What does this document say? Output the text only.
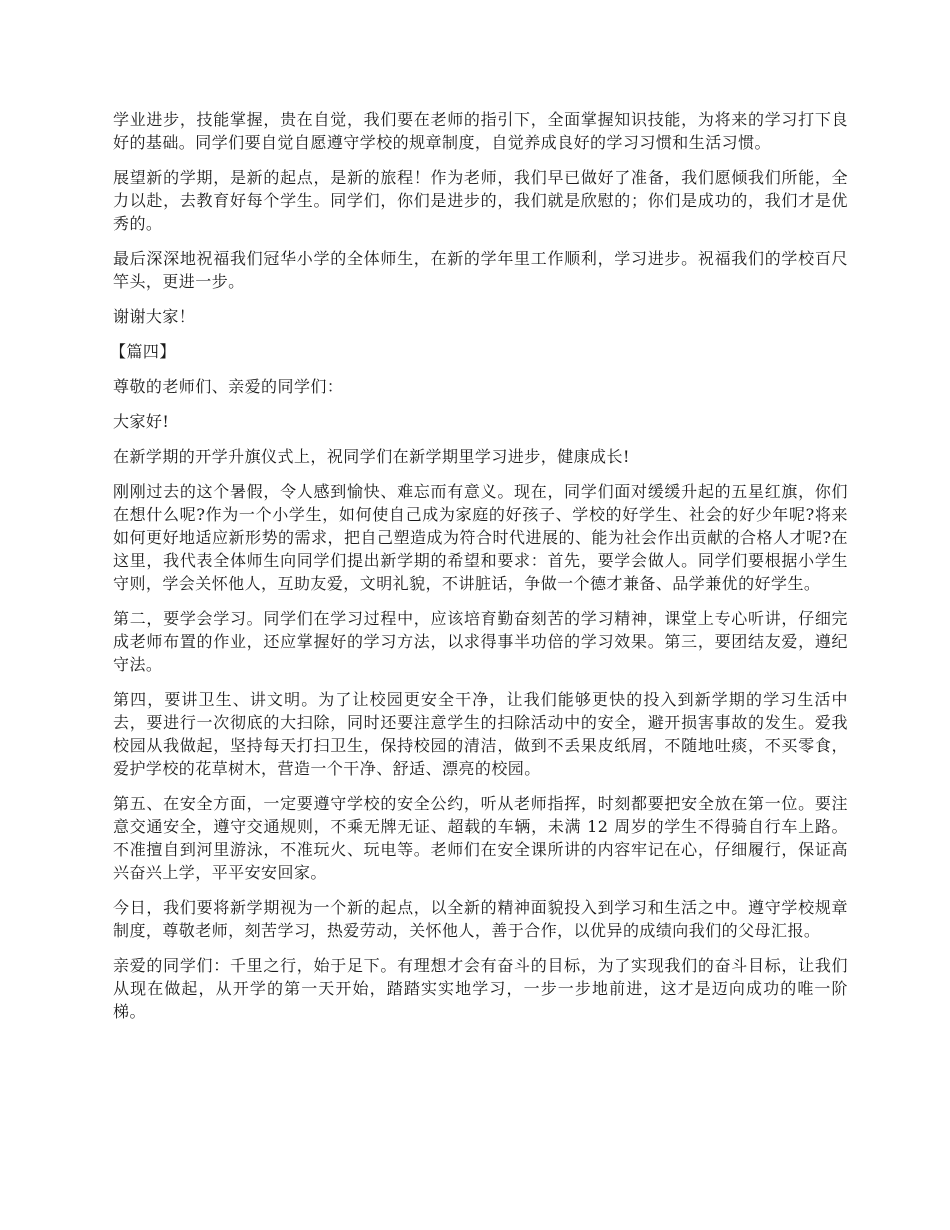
学业进步，技能掌握，贵在自觉，我们要在老师的指引下，全面掌握知识技能，为将来的学习打下良好的基础。同学们要自觉自愿遵守学校的规章制度，自觉养成良好的学习习惯和生活习惯。

展望新的学期，是新的起点，是新的旅程！作为老师，我们早已做好了准备，我们愿倾我们所能，全力以赴，去教育好每个学生。同学们，你们是进步的，我们就是欣慰的；你们是成功的，我们才是优秀的。

最后深深地祝福我们冠华小学的全体师生，在新的学年里工作顺利，学习进步。祝福我们的学校百尺竿头，更进一步。

谢谢大家！

【篇四】

尊敬的老师们、亲爱的同学们：

大家好!

在新学期的开学升旗仪式上，祝同学们在新学期里学习进步，健康成长!

刚刚过去的这个暑假，令人感到愉快、难忘而有意义。现在，同学们面对缓缓升起的五星红旗，你们在想什么呢?作为一个小学生，如何使自己成为家庭的好孩子、学校的好学生、社会的好少年呢?将来如何更好地适应新形势的需求，把自己塑造成为符合时代进展的、能为社会作出贡献的合格人才呢?在这里，我代表全体师生向同学们提出新学期的希望和要求：首先，要学会做人。同学们要根据小学生守则，学会关怀他人，互助友爱，文明礼貌，不讲脏话，争做一个德才兼备、品学兼优的好学生。

第二，要学会学习。同学们在学习过程中，应该培育勤奋刻苦的学习精神，课堂上专心听讲，仔细完成老师布置的作业，还应掌握好的学习方法，以求得事半功倍的学习效果。第三，要团结友爱，遵纪守法。

第四，要讲卫生、讲文明。为了让校园更安全干净，让我们能够更快的投入到新学期的学习生活中去，要进行一次彻底的大扫除，同时还要注意学生的扫除活动中的安全，避开损害事故的发生。爱我校园从我做起，坚持每天打扫卫生，保持校园的清洁，做到不丢果皮纸屑，不随地吐痰，不买零食，爱护学校的花草树木，营造一个干净、舒适、漂亮的校园。

第五、在安全方面，一定要遵守学校的安全公约，听从老师指挥，时刻都要把安全放在第一位。要注意交通安全，遵守交通规则，不乘无牌无证、超载的车辆，未满 12 周岁的学生不得骑自行车上路。不准擅自到河里游泳，不准玩火、玩电等。老师们在安全课所讲的内容牢记在心，仔细履行，保证高兴奋兴上学，平平安安回家。

今日，我们要将新学期视为一个新的起点，以全新的精神面貌投入到学习和生活之中。遵守学校规章制度，尊敬老师，刻苦学习，热爱劳动，关怀他人，善于合作，以优异的成绩向我们的父母汇报。

亲爱的同学们：千里之行，始于足下。有理想才会有奋斗的目标，为了实现我们的奋斗目标，让我们从现在做起，从开学的第一天开始，踏踏实实地学习，一步一步地前进，这才是迈向成功的唯一阶梯。
